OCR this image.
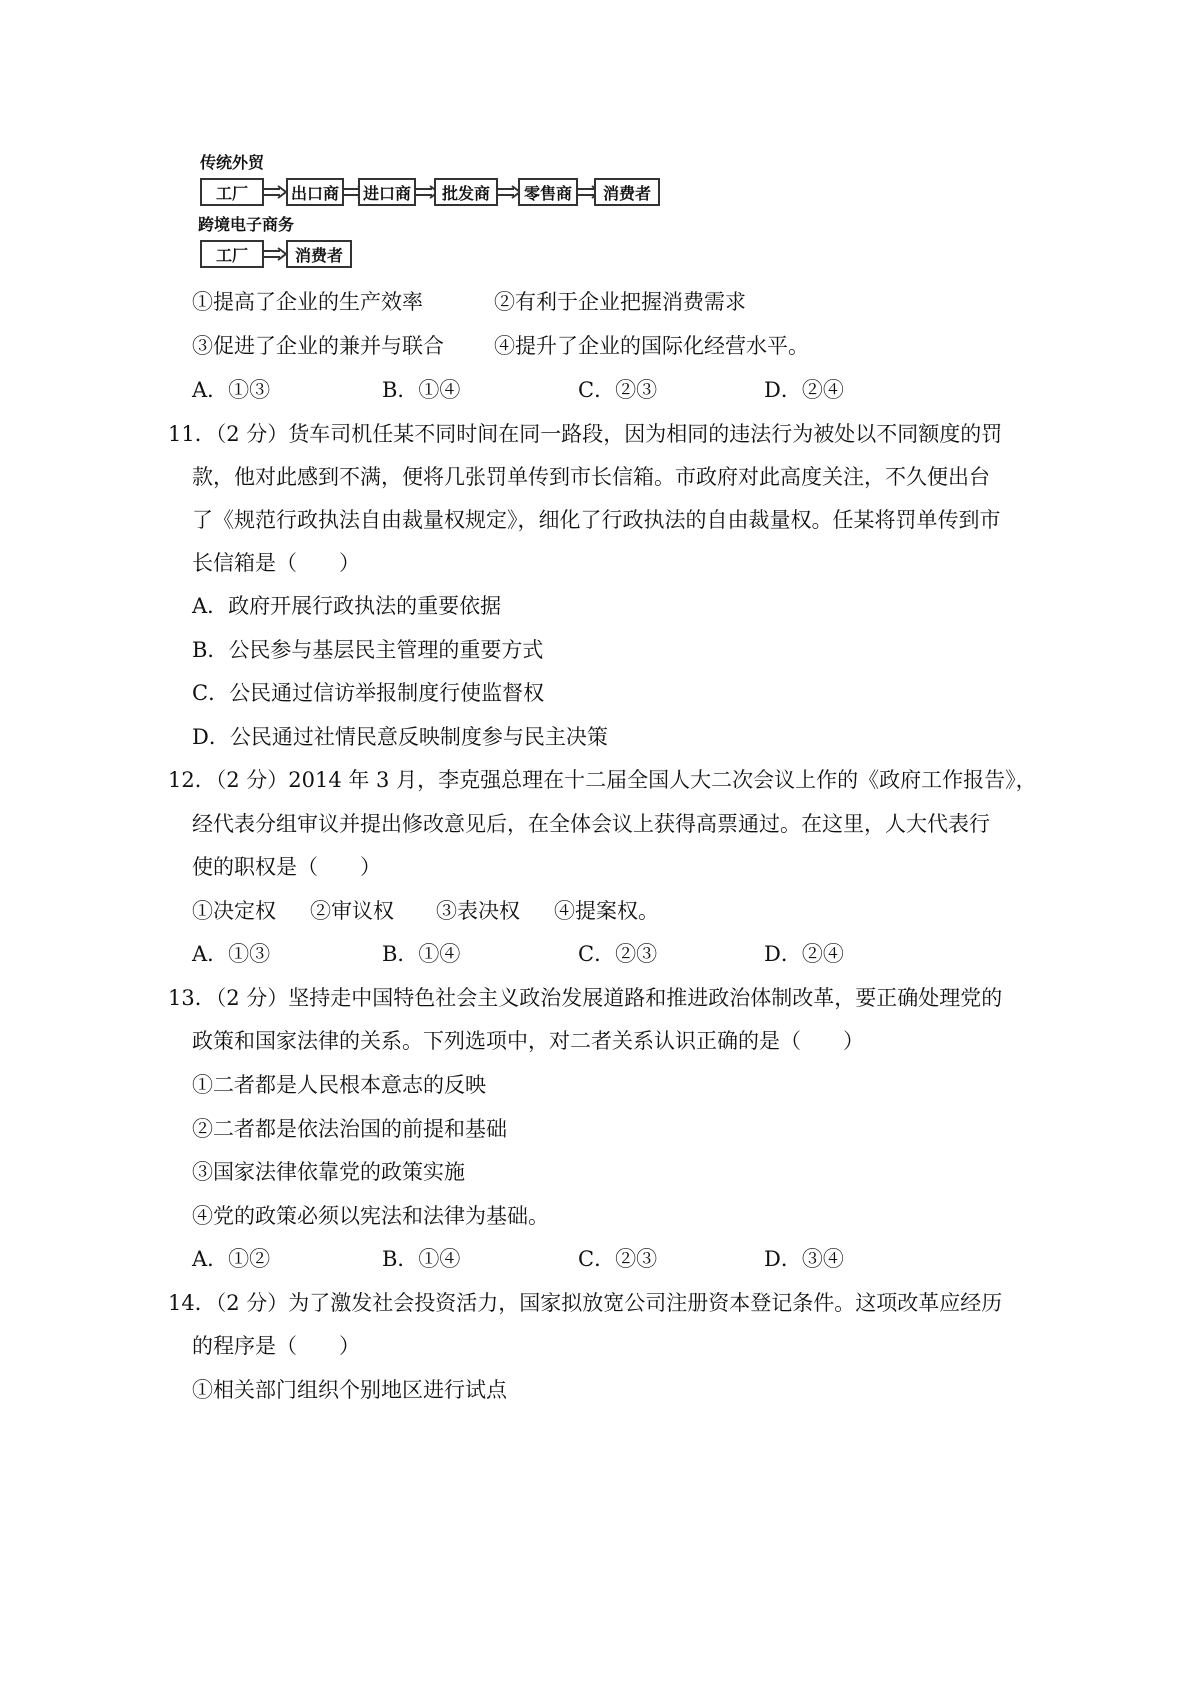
传统外贸
工厂	出口商	进口商	批发商	零售商	消费者
跨境电子商务
工厂	消费者
①提高了企业的生产效率	②有利于企业把握消费需求
③促进了企业的兼并与联合 ④提升了企业的国际化经营水平。
A．①③	B．①④	C．②③	D．②④
11．（2 分）货车司机任某不同时间在同一路段，因为相同的违法行为被处以不同额度的罚
款，他对此感到不满，便将几张罚单传到市长信箱。市政府对此高度关注，不久便出台
了《规范行政执法自由裁量权规定》，细化了行政执法的自由裁量权。任某将罚单传到市
长信箱是（　　）
A．政府开展行政执法的重要依据
B．公民参与基层民主管理的重要方式
C．公民通过信访举报制度行使监督权
D．公民通过社情民意反映制度参与民主决策
12．（2 分）2014 年 3 月，李克强总理在十二届全国人大二次会议上作的《政府工作报告》，
经代表分组审议并提出修改意见后，在全体会议上获得高票通过。在这里，人大代表行
使的职权是（　　）
①决定权 ②审议权 ③表决权 ④提案权。
A．①③	B．①④	C．②③	D．②④
13．（2 分）坚持走中国特色社会主义政治发展道路和推进政治体制改革，要正确处理党的
政策和国家法律的关系。下列选项中，对二者关系认识正确的是（　　）
①二者都是人民根本意志的反映
②二者都是依法治国的前提和基础
③国家法律依靠党的政策实施
④党的政策必须以宪法和法律为基础。
A．①②	B．①④	C．②③	D．③④
14．（2 分）为了激发社会投资活力，国家拟放宽公司注册资本登记条件。这项改革应经历
的程序是（　　）
①相关部门组织个别地区进行试点
